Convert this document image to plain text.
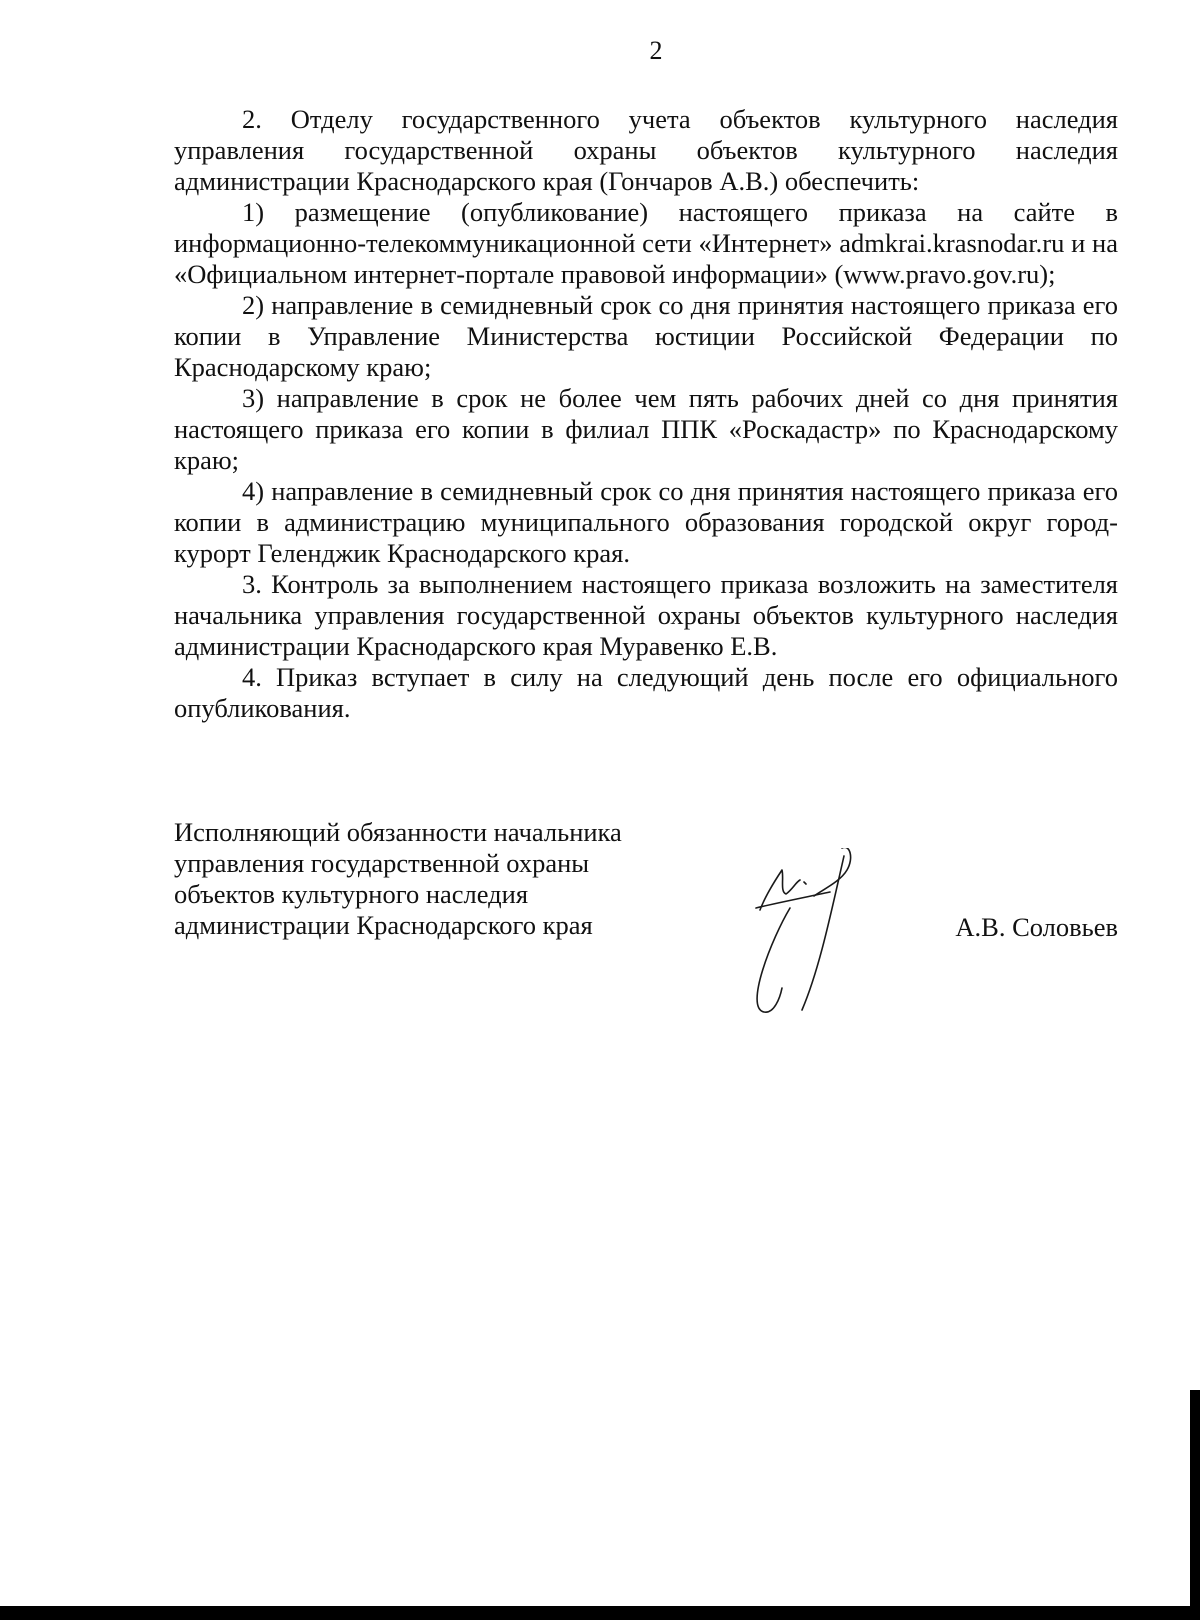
2

2. Отделу государственного учета объектов культурного наследия управления государственной охраны объектов культурного наследия администрации Краснодарского края (Гончаров А.В.) обеспечить:

1) размещение (опубликование) настоящего приказа на сайте в информационно-телекоммуникационной сети «Интернет» admkrai.krasnodar.ru и на «Официальном интернет-портале правовой информации» (www.pravo.gov.ru);

2) направление в семидневный срок со дня принятия настоящего приказа его копии в Управление Министерства юстиции Российской Федерации по Краснодарскому краю;

3) направление в срок не более чем пять рабочих дней со дня принятия настоящего приказа его копии в филиал ППК «Роскадастр» по Краснодарскому краю;

4) направление в семидневный срок со дня принятия настоящего приказа его копии в администрацию муниципального образования городской округ город-курорт Геленджик Краснодарского края.

3. Контроль за выполнением настоящего приказа возложить на заместителя начальника управления государственной охраны объектов культурного наследия администрации Краснодарского края Муравенко Е.В.

4. Приказ вступает в силу на следующий день после его официального опубликования.

Исполняющий обязанности начальника
управления государственной охраны
объектов культурного наследия
администрации Краснодарского края	А.В. Соловьев
